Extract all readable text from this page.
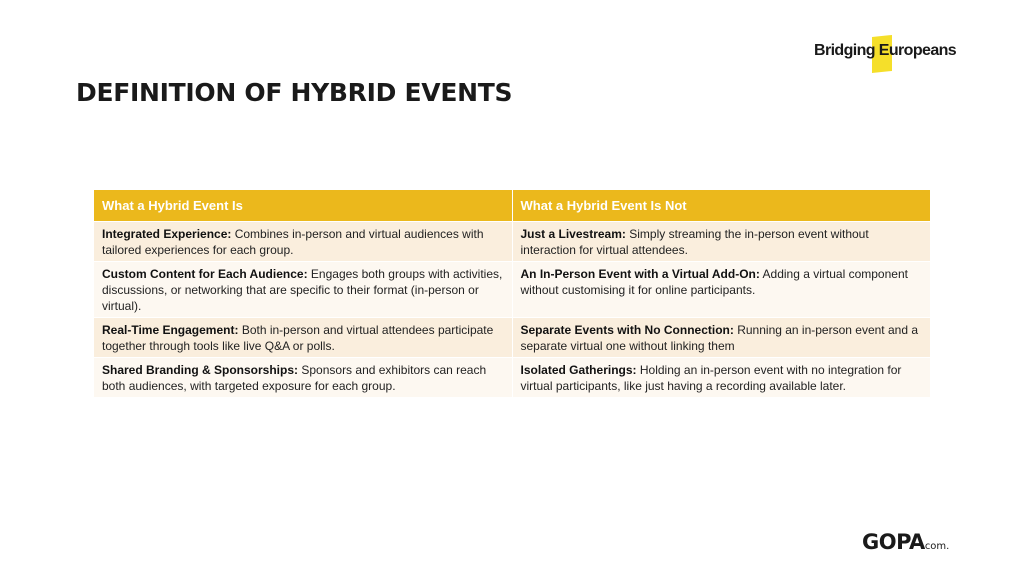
Bridging Europeans
DEFINITION OF HYBRID EVENTS
What a Hybrid Event Is	What a Hybrid Event Is Not
Integrated Experience: Combines in-person and virtual audiences with tailored experiences for each group.	Just a Livestream: Simply streaming the in-person event without interaction for virtual attendees.
Custom Content for Each Audience: Engages both groups with activities, discussions, or networking that are specific to their format (in-person or virtual).	An In-Person Event with a Virtual Add-On: Adding a virtual component without customising it for online participants.
Real-Time Engagement: Both in-person and virtual attendees participate together through tools like live Q&A or polls.	Separate Events with No Connection: Running an in-person event and a separate virtual one without linking them
Shared Branding & Sponsorships: Sponsors and exhibitors can reach both audiences, with targeted exposure for each group.	Isolated Gatherings: Holding an in-person event with no integration for virtual participants, like just having a recording available later.
GOPAcom.
